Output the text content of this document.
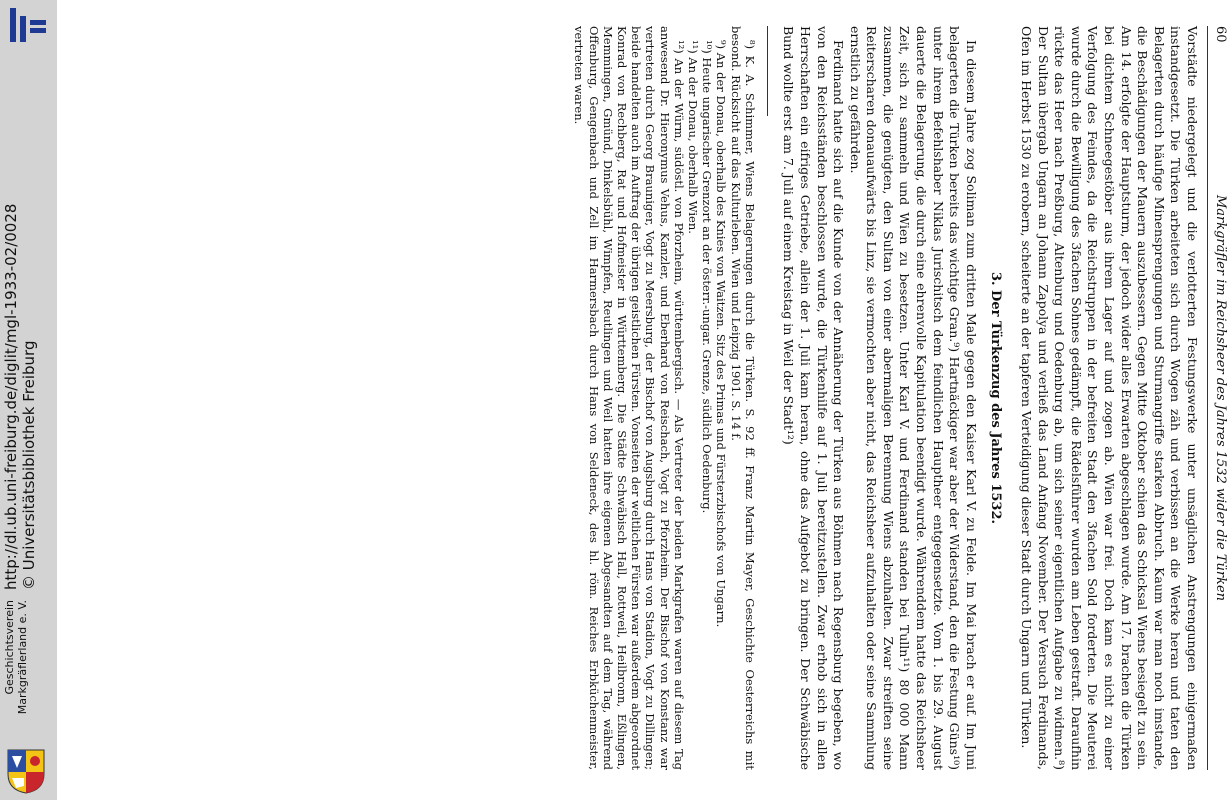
Geschichtsverein Markgräflerland e. V.
http://dl.ub.uni-freiburg.de/diglit/mgl-1933-02/0028 © Universitätsbibliothek Freiburg
60
Markgräfler im Reichsheer des Jahres 1532 wider die Türken

Vorstädte niedergelegt und die verlotterten Festungswerke unter unsäglichen Anstrengungen einigermaßen instandgesetzt. Die Türken arbeiteten sich durch Wogen zäh und verbissen an die Werke heran und taten den Belagerten durch häufige Minensprengungen und Sturmangriffe starken Abbruch. Kaum war man noch imstande, die Beschädigungen der Mauern auszubessern. Gegen Mitte Oktober schien das Schicksal Wiens besiegelt zu sein. Am 14. erfolgte der Hauptsturm, der jedoch wider alles Erwarten abgeschlagen wurde. Am 17. brachen die Türken bei dichtem Schneegestöber aus ihrem Lager auf und zogen ab. Wien war frei. Doch kam es nicht zu einer Verfolgung des Feindes, da die Reichstruppen in der befreiten Stadt den 3fachen Sold forderten. Die Meuterei wurde durch die Bewilligung des 3fachen Sohnes gedämpft, die Rädelsführer wurden am Leben gestraft. Daraufhin rückte das Heer nach Preßburg, Altenburg und Oedenburg ab, um sich seiner eigentlichen Aufgabe zu widmen.⁸) Der Sultan übergab Ungarn an Johann Zapolya und verließ das Land Anfang November. Der Versuch Ferdinands, Ofen im Herbst 1530 zu erobern, scheiterte an der tapferen Verteidigung dieser Stadt durch Ungarn und Türken.

3. Der Türkenzug des Jahres 1532.

In diesem Jahre zog Soliman zum dritten Male gegen den Kaiser Karl V. zu Felde. Im Mai brach er auf. Im Juni belagerten die Türken bereits das wichtige Gran.⁹) Hartnäckiger war aber der Widerstand, den die Festung Güns¹⁰) unter ihrem Befehlshaber Niklas Jurischitsch dem feindlichen Hauptheer entgegensetzte. Vom 1. bis 29. August dauerte die Belagerung, die durch eine ehrenvolle Kapitulation beendigt wurde. Währenddem hatte das Reichsheer Zeit, sich zu sammeln und Wien zu besetzen. Unter Karl V. und Ferdinand standen bei Tulln¹¹) 80 000 Mann zusammen, die genügten, den Sultan von einer abermaligen Berennung Wiens abzuhalten. Zwar streiften seine Reiterscharen donauaufwärts bis Linz, sie vermochten aber nicht, das Reichsheer aufzuhalten oder seine Sammlung ernstlich zu gefährden.

Ferdinand hatte sich auf die Kunde von der Annäherung der Türken aus Böhmen nach Regensburg begeben, wo von den Reichsständen beschlossen wurde, die Türkenhilfe auf 1. Juli bereitzustellen. Zwar erhob sich in allen Herrschaften ein eifriges Getriebe, allein der 1. Juli kam heran, ohne das Aufgebot zu bringen. Der Schwäbische Bund wollte erst am 7. Juli auf einem Kreistag in Weil der Stadt¹²)

⁸) K. A. Schimmer, Wiens Belagerungen durch die Türken. S. 92 ff. Franz Martin Mayer, Geschichte Oesterreichs mit besond. Rücksicht auf das Kulturleben. Wien und Leipzig 1901. S. 14 f.

⁹) An der Donau, oberhalb des Knies von Waitzen. Sitz des Primas und Fürsterzbischofs von Ungarn.

¹⁰) Heute ungarischer Grenzort an der österr.-ungar. Grenze, südlich Oedenburg.

¹¹) An der Donau, oberhalb Wien.

¹²) An der Würm, südöstl. von Pforzheim, württembergisch. — Als Vertreter der beiden Markgrafen waren auf diesem Tag anwesend Dr. Hieronymus Vehus, Kanzler, und Eberhard von Reischach, Vogt zu Pforzheim. Der Bischof von Konstanz war vertreten durch Georg Brauniger, Vogt zu Meersburg, der Bischof von Augsburg durch Hans von Stadion, Vogt zu Dillingen; beide handelten auch im Auftrag der übrigen geistlichen Fürsten. Vonseiten der weltlichen Fürsten war außerdem abgeordnet Konrad von Rechberg, Rat und Hofmeister in Württemberg. Die Städte Schwäbisch Hall, Rottweil, Heilbronn, Eßlingen, Memmingen, Gmünd, Dinkelsbühl, Wimpfen, Reutlingen und Weil hatten ihre eigenen Abgesandten auf dem Tag, während Offenburg, Gengenbach und Zell im Harmersbach durch Hans von Seldeneck, des hl. röm. Reiches Erbküchenmeister, vertreten waren.
